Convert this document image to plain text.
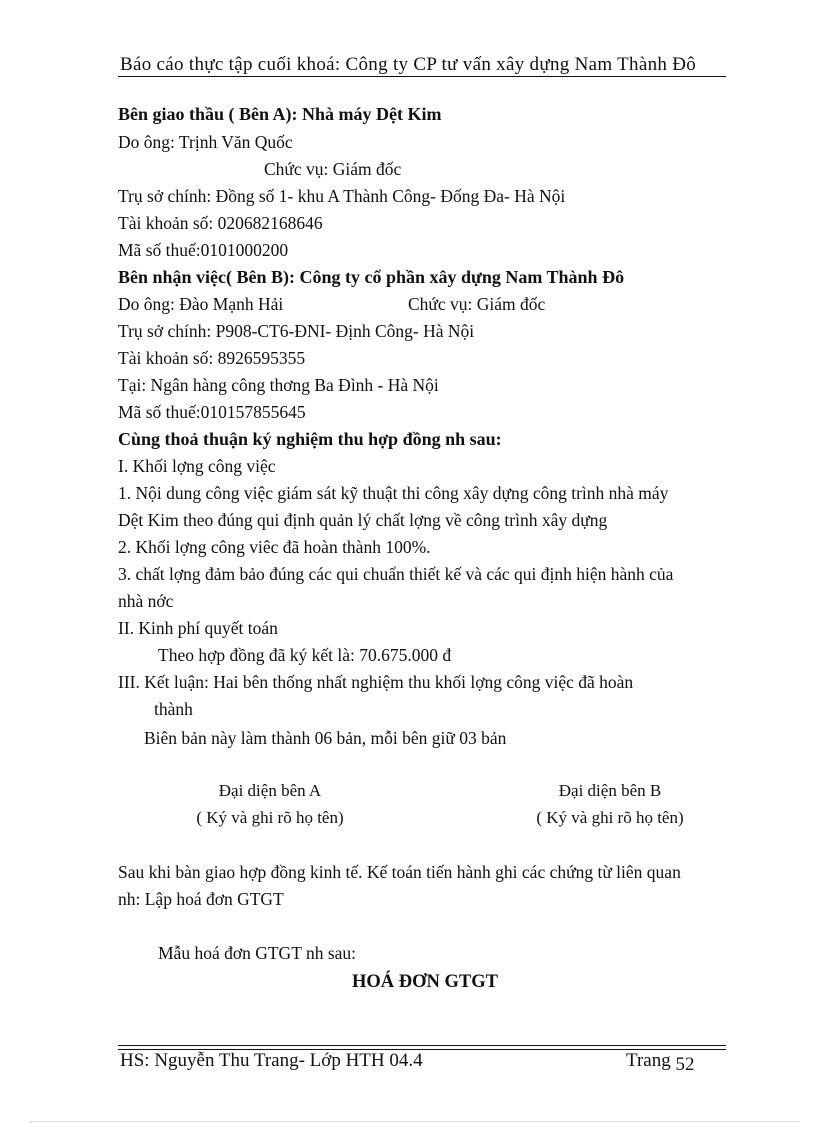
Báo cáo thực tập cuối khoá: Công ty CP tư vấn xây dựng Nam Thành Đô
Bên giao thầu ( Bên A): Nhà máy Dệt Kim
Do ông: Trịnh Văn Quốc
Chức vụ: Giám đốc
Trụ sở chính: Đồng số 1- khu A Thành Công- Đống Đa- Hà Nội
Tài khoản số: 020682168646
Mã số thuế:0101000200
Bên nhận việc( Bên B): Công ty cổ phần xây dựng Nam Thành Đô
Do ông: Đào Mạnh Hải	Chức vụ: Giám đốc
Trụ sở chính: P908-CT6-ĐNI- Định Công- Hà Nội
Tài khoản số: 8926595355
Tại: Ngân hàng công thơng Ba Đình - Hà Nội
Mã số thuế:010157855645
Cùng thoả thuận ký nghiệm thu hợp đồng nh sau:
I. Khối lợng công việc
1. Nội dung công việc giám sát kỹ thuật thi công xây dựng công trình nhà máy
Dệt Kim theo đúng qui định quản lý chất lợng về công trình xây dựng
2. Khối lợng công viêc đã hoàn thành 100%.
3. chất lợng đảm bảo đúng các qui chuẩn thiết kế và các qui định hiện hành của
nhà nớc
II. Kinh phí quyết toán
Theo hợp đồng đã ký kết là: 70.675.000 đ
III. Kết luận: Hai bên thống nhất nghiệm thu khối lợng công việc đã hoàn
thành
Biên bản này làm thành 06 bản, mỗi bên giữ 03 bản
Đại diện bên A
( Ký và ghi rõ họ tên)
Đại diện bên B
( Ký và ghi rõ họ tên)
Sau khi bàn giao hợp đồng kinh tế. Kế toán tiến hành ghi các chứng từ liên quan
nh: Lập hoá đơn GTGT
Mẫu hoá đơn GTGT nh sau:
HOÁ ĐƠN GTGT
HS: Nguyễn Thu Trang- Lớp HTH 04.4	Trang 52
